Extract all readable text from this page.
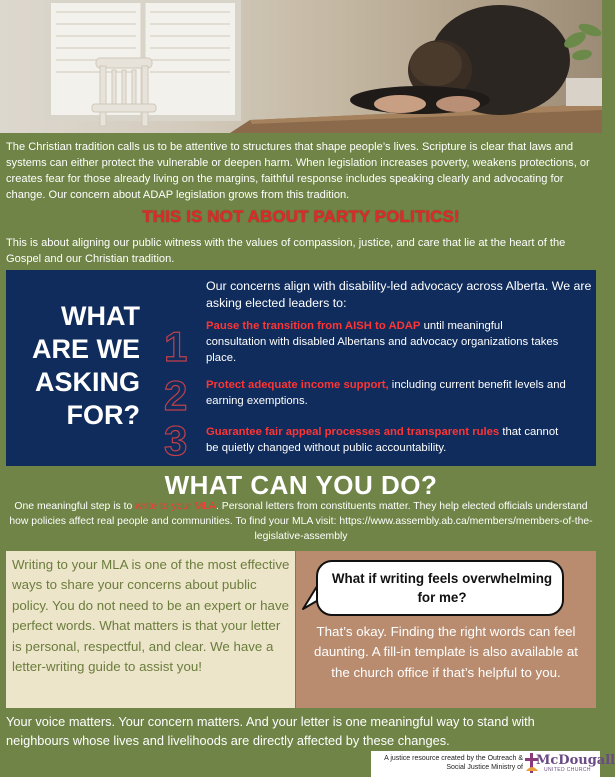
The Christian tradition calls us to be attentive to structures that shape people’s lives. Scripture is clear that laws and systems can either protect the vulnerable or deepen harm. When legislation increases poverty, weakens protections, or creates fear for those already living on the margins, faithful response includes speaking clearly and advocating for change. Our concern about ADAP legislation grows from this tradition.

THIS IS NOT ABOUT PARTY POLITICS!

This is about aligning our public witness with the values of compassion, justice, and care that lie at the heart of the Gospel and our Christian tradition.

WHAT ARE WE ASKING FOR?

Our concerns align with disability-led advocacy across Alberta. We are asking elected leaders to:

1	Pause the transition from AISH to ADAP until meaningful consultation with disabled Albertans and advocacy organizations takes place.

2	Protect adequate income support, including current benefit levels and earning exemptions.

3	Guarantee fair appeal processes and transparent rules that cannot be quietly changed without public accountability.

WHAT CAN YOU DO?

One meaningful step is to write to your MLA. Personal letters from constituents matter. They help elected officials understand how policies affect real people and communities. To find your MLA visit: https://www.assembly.ab.ca/members/members-of-the-legislative-assembly

Writing to your MLA is one of the most effective ways to share your concerns about public policy. You do not need to be an expert or have perfect words. What matters is that your letter is personal, respectful, and clear. We have a letter-writing guide to assist you!

What if writing feels overwhelming for me?

That’s okay. Finding the right words can feel daunting. A fill-in template is also available at the church office if that’s helpful to you.

Your voice matters. Your concern matters. And your letter is one meaningful way to stand with neighbours whose lives and livelihoods are directly affected by these changes.

A justice resource created by the Outreach & Social Justice Ministry of McDougall
UNITED CHURCH
